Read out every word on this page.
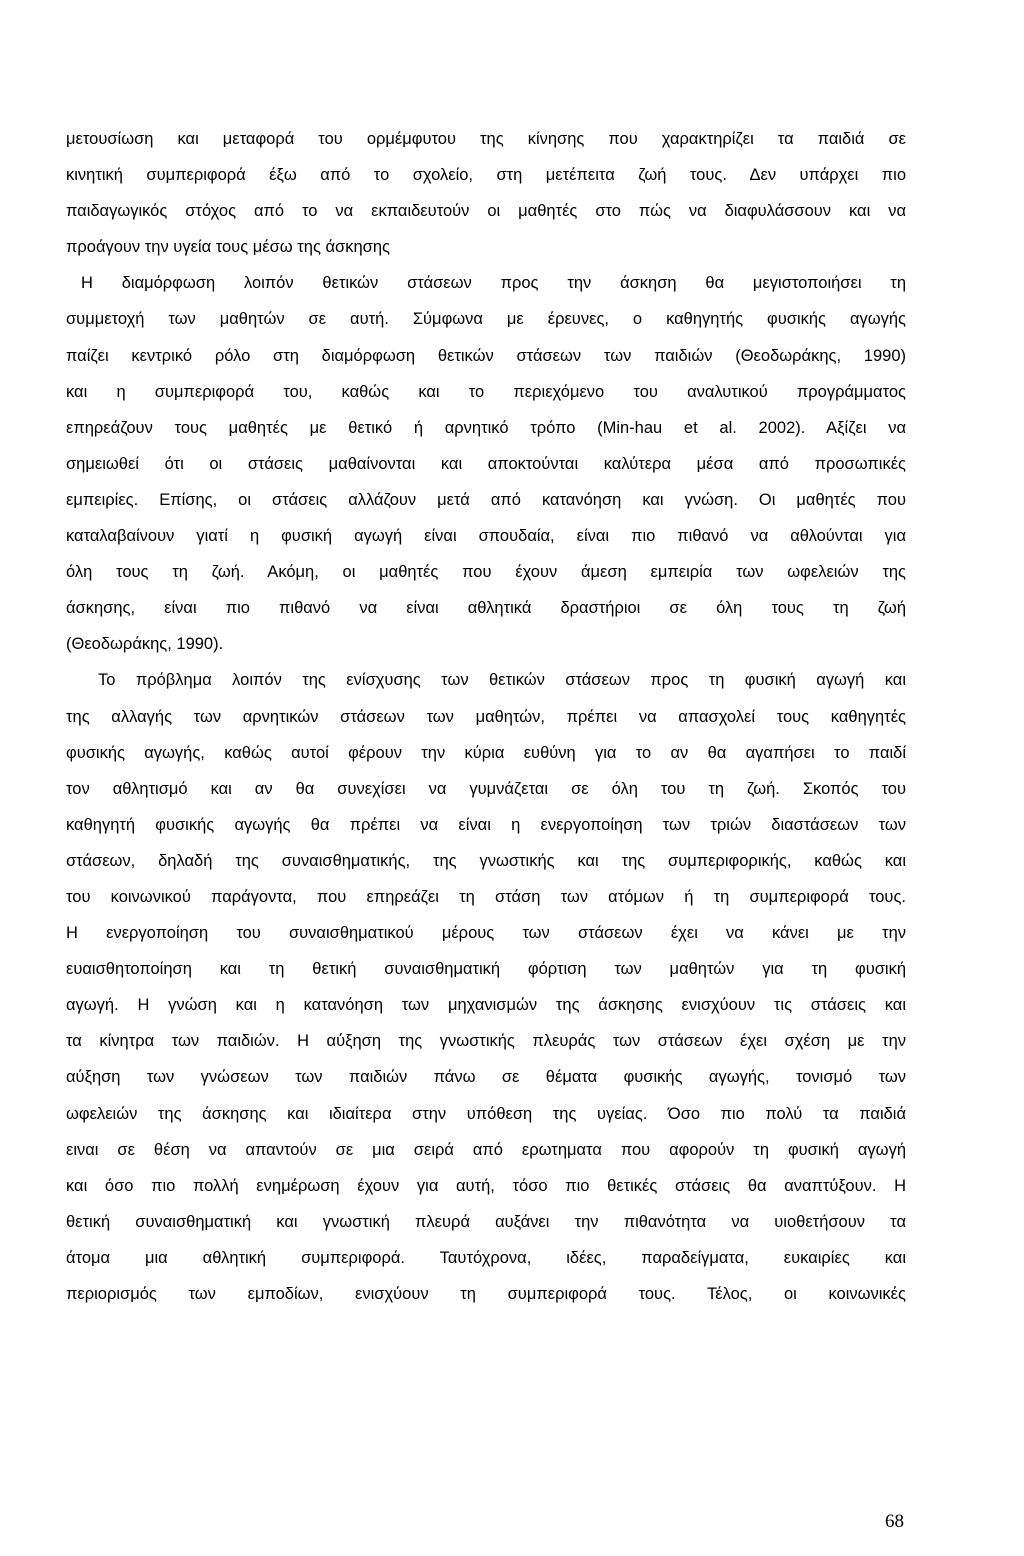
μετουσίωση και μεταφορά του ορμέμφυτου της κίνησης που χαρακτηρίζει τα παιδιά σε
κινητική συμπεριφορά έξω από το σχολείο, στη μετέπειτα ζωή τους. Δεν υπάρχει πιο
παιδαγωγικός στόχος από το να εκπαιδευτούν οι μαθητές στο πώς να διαφυλάσσουν και να
προάγουν την υγεία τους μέσω της άσκησης
Η διαμόρφωση λοιπόν θετικών στάσεων προς την άσκηση θα μεγιστοποιήσει τη
συμμετοχή των μαθητών σε αυτή. Σύμφωνα με έρευνες, ο καθηγητής φυσικής αγωγής
παίζει κεντρικό ρόλο στη διαμόρφωση θετικών στάσεων των παιδιών (Θεοδωράκης, 1990)
και η συμπεριφορά του, καθώς και το περιεχόμενο του αναλυτικού προγράμματος
επηρεάζουν τους μαθητές με θετικό ή αρνητικό τρόπο (Min-hau et al. 2002). Αξίζει να
σημειωθεί ότι οι στάσεις μαθαίνονται και αποκτούνται καλύτερα μέσα από προσωπικές
εμπειρίες. Επίσης, οι στάσεις αλλάζουν μετά από κατανόηση και γνώση. Οι μαθητές που
καταλαβαίνουν γιατί η φυσική αγωγή είναι σπουδαία, είναι πιο πιθανό να αθλούνται για
όλη τους τη ζωή. Ακόμη, οι μαθητές που έχουν άμεση εμπειρία των ωφελειών της
άσκησης, είναι πιο πιθανό να είναι αθλητικά δραστήριοι σε όλη τους τη ζωή
(Θεοδωράκης, 1990).
Το πρόβλημα λοιπόν της ενίσχυσης των θετικών στάσεων προς τη φυσική αγωγή και
της αλλαγής των αρνητικών στάσεων των μαθητών, πρέπει να απασχολεί τους καθηγητές
φυσικής αγωγής, καθώς αυτοί φέρουν την κύρια ευθύνη για το αν θα αγαπήσει το παιδί
τον αθλητισμό και αν θα συνεχίσει να γυμνάζεται σε όλη του τη ζωή. Σκοπός του
καθηγητή φυσικής αγωγής θα πρέπει να είναι η ενεργοποίηση των τριών διαστάσεων των
στάσεων, δηλαδή της συναισθηματικής, της γνωστικής και της συμπεριφορικής, καθώς και
του κοινωνικού παράγοντα, που επηρεάζει τη στάση των ατόμων ή τη συμπεριφορά τους.
Η ενεργοποίηση του συναισθηματικού μέρους των στάσεων έχει να κάνει με την
ευαισθητοποίηση και τη θετική συναισθηματική φόρτιση των μαθητών για τη φυσική
αγωγή. Η γνώση και η κατανόηση των μηχανισμών της άσκησης ενισχύουν τις στάσεις και
τα κίνητρα των παιδιών. Η αύξηση της γνωστικής πλευράς των στάσεων έχει σχέση με την
αύξηση των γνώσεων των παιδιών πάνω σε θέματα φυσικής αγωγής, τονισμό των
ωφελειών της άσκησης και ιδιαίτερα στην υπόθεση της υγείας. Όσο πιο πολύ τα παιδιά
ειναι σε θέση να απαντούν σε μια σειρά από ερωτηματα που αφορούν τη φυσική αγωγή
και όσο πιο πολλή ενημέρωση έχουν για αυτή, τόσο πιο θετικές στάσεις θα αναπτύξουν. Η
θετική συναισθηματική και γνωστική πλευρά αυξάνει την πιθανότητα να υιοθετήσουν τα
άτομα μια αθλητική συμπεριφορά. Ταυτόχρονα, ιδέες, παραδείγματα, ευκαιρίες και
περιορισμός των εμποδίων, ενισχύουν τη συμπεριφορά τους. Τέλος, οι κοινωνικές
68
